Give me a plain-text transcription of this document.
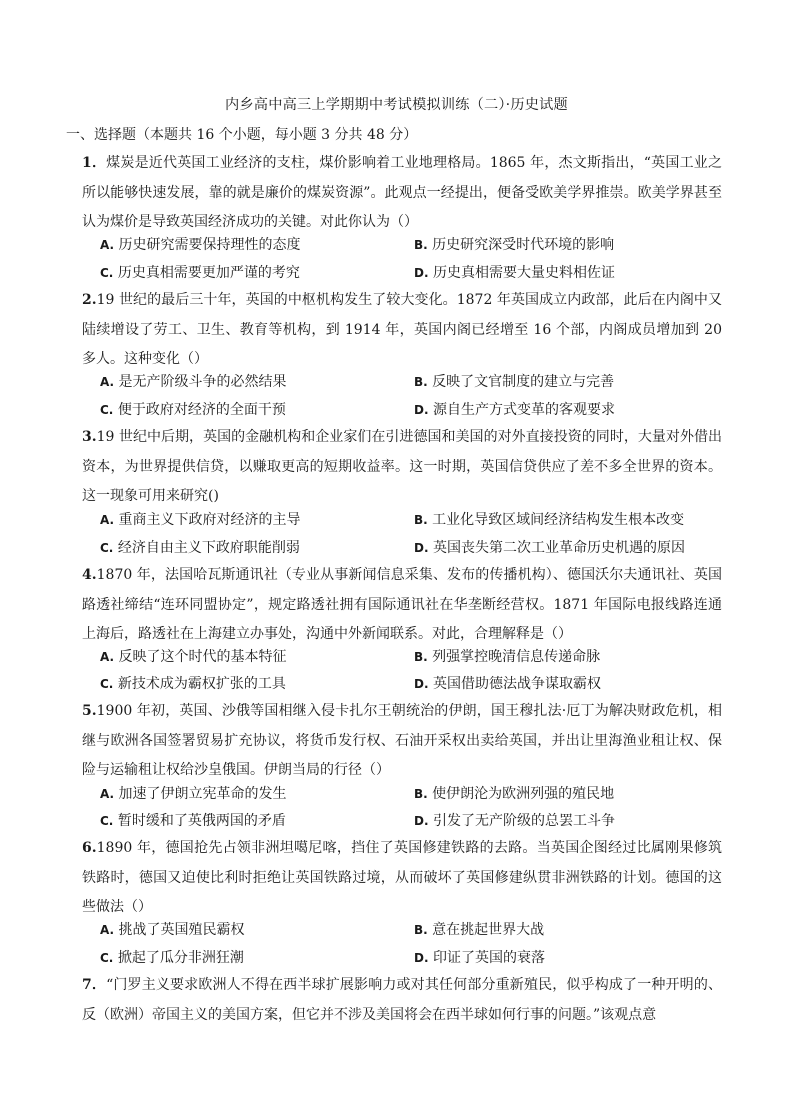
内乡高中高三上学期期中考试模拟训练（二）·历史试题
一、选择题（本题共 16 个小题，每小题 3 分共 48 分）
1．煤炭是近代英国工业经济的支柱，煤价影响着工业地理格局。1865 年，杰文斯指出，“英国工业之所以能够快速发展，靠的就是廉价的煤炭资源”。此观点一经提出，便备受欧美学界推崇。欧美学界甚至认为煤价是导致英国经济成功的关键。对此你认为（）
A. 历史研究需要保持理性的态度	B. 历史研究深受时代环境的影响
C. 历史真相需要更加严谨的考究	D. 历史真相需要大量史料相佐证
2.19 世纪的最后三十年，英国的中枢机构发生了较大变化。1872 年英国成立内政部，此后在内阁中又陆续增设了劳工、卫生、教育等机构，到 1914 年，英国内阁已经增至 16 个部，内阁成员增加到 20 多人。这种变化（）
A. 是无产阶级斗争的必然结果	B. 反映了文官制度的建立与完善
C. 便于政府对经济的全面干预	D. 源自生产方式变革的客观要求
3.19 世纪中后期，英国的金融机构和企业家们在引进德国和美国的对外直接投资的同时，大量对外借出资本，为世界提供信贷，以赚取更高的短期收益率。这一时期，英国信贷供应了差不多全世界的资本。这一现象可用来研究()
A. 重商主义下政府对经济的主导	B. 工业化导致区域间经济结构发生根本改变
C. 经济自由主义下政府职能削弱	D. 英国丧失第二次工业革命历史机遇的原因
4.1870 年，法国哈瓦斯通讯社（专业从事新闻信息采集、发布的传播机构）、德国沃尔夫通讯社、英国路透社缔结“连环同盟协定”，规定路透社拥有国际通讯社在华垄断经营权。1871 年国际电报线路连通上海后，路透社在上海建立办事处，沟通中外新闻联系。对此，合理解释是（）
A. 反映了这个时代的基本特征	B. 列强掌控晚清信息传递命脉
C. 新技术成为霸权扩张的工具	D. 英国借助德法战争谋取霸权
5.1900 年初，英国、沙俄等国相继入侵卡扎尔王朝统治的伊朗，国王穆扎法·厄丁为解决财政危机，相继与欧洲各国签署贸易扩充协议，将货币发行权、石油开采权出卖给英国，并出让里海渔业租让权、保险与运输租让权给沙皇俄国。伊朗当局的行径（）
A. 加速了伊朗立宪革命的发生	B. 使伊朗沦为欧洲列强的殖民地
C. 暂时缓和了英俄两国的矛盾	D. 引发了无产阶级的总罢工斗争
6.1890 年，德国抢先占领非洲坦噶尼喀，挡住了英国修建铁路的去路。当英国企图经过比属刚果修筑铁路时，德国又迫使比利时拒绝让英国铁路过境，从而破坏了英国修建纵贯非洲铁路的计划。德国的这些做法（）
A. 挑战了英国殖民霸权	B. 意在挑起世界大战
C. 掀起了瓜分非洲狂潮	D. 印证了英国的衰落
7．“门罗主义要求欧洲人不得在西半球扩展影响力或对其任何部分重新殖民，似乎构成了一种开明的、反（欧洲）帝国主义的美国方案，但它并不涉及美国将会在西半球如何行事的问题。”该观点意
